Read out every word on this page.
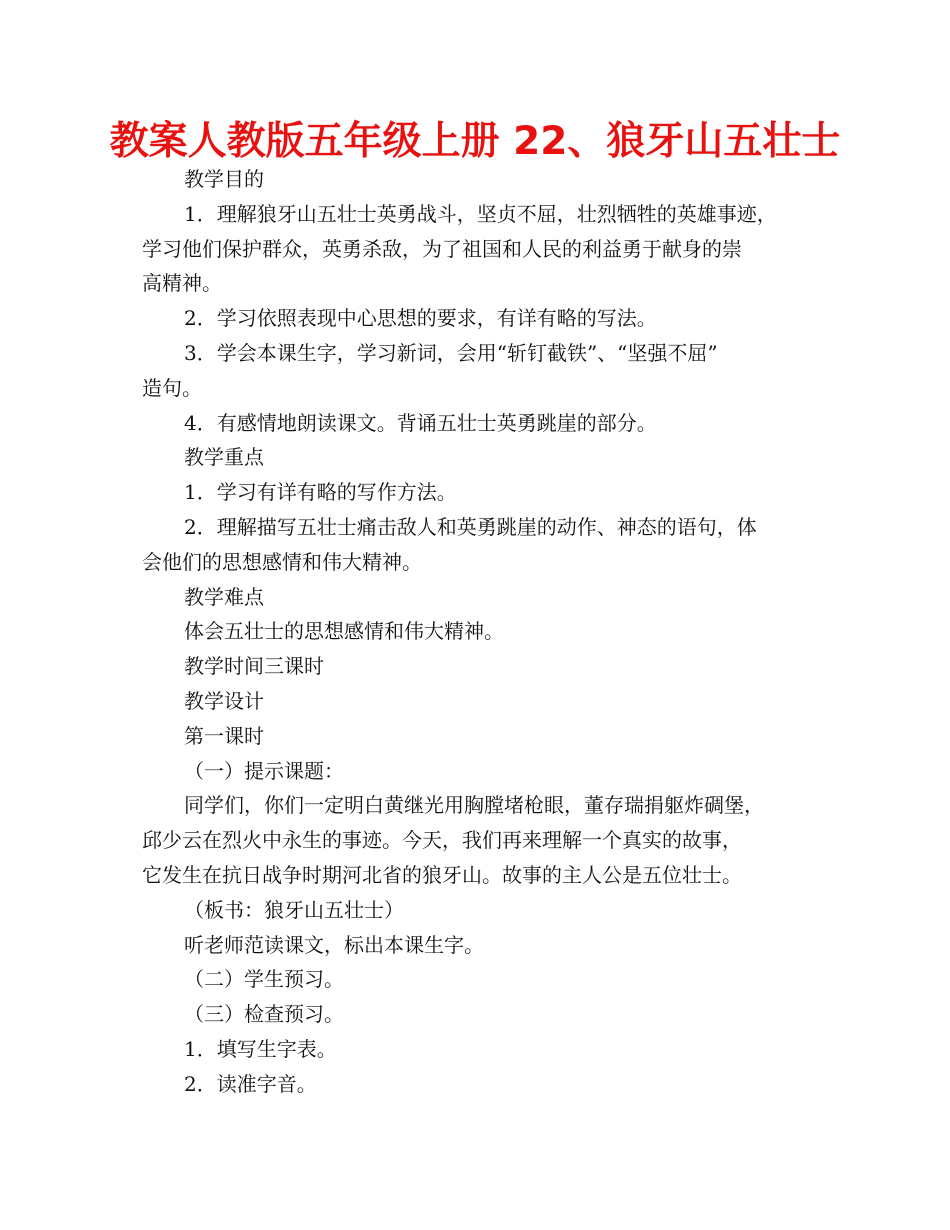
教案人教版五年级上册 22、狼牙山五壮士

教学目的

1．理解狼牙山五壮士英勇战斗，坚贞不屈，壮烈牺牲的英雄事迹，

学习他们保护群众，英勇杀敌，为了祖国和人民的利益勇于献身的崇

高精神。

2．学习依照表现中心思想的要求，有详有略的写法。

3．学会本课生字，学习新词，会用“斩钉截铁”、“坚强不屈”

造句。

4．有感情地朗读课文。背诵五壮士英勇跳崖的部分。

教学重点

1．学习有详有略的写作方法。

2．理解描写五壮士痛击敌人和英勇跳崖的动作、神态的语句，体

会他们的思想感情和伟大精神。

教学难点

体会五壮士的思想感情和伟大精神。

教学时间三课时

教学设计

第一课时

（一）提示课题：

同学们，你们一定明白黄继光用胸膛堵枪眼，董存瑞捐躯炸碉堡，

邱少云在烈火中永生的事迹。今天，我们再来理解一个真实的故事，

它发生在抗日战争时期河北省的狼牙山。故事的主人公是五位壮士。

（板书：狼牙山五壮士）

听老师范读课文，标出本课生字。

（二）学生预习。

（三）检查预习。

1．填写生字表。

2．读准字音。
